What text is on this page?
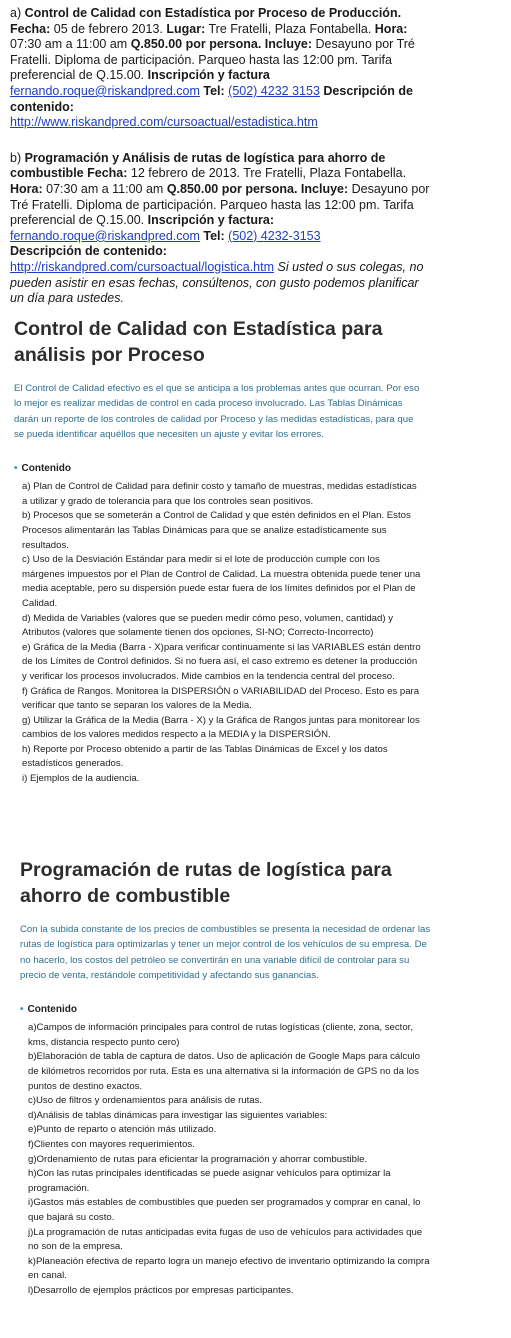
a) Control de Calidad con Estadística por Proceso de Producción. Fecha: 05 de febrero 2013. Lugar: Tre Fratelli, Plaza Fontabella. Hora: 07:30 am a 11:00 am Q.850.00 por persona. Incluye: Desayuno por Tré Fratelli. Diploma de participación. Parqueo hasta las 12:00 pm. Tarifa preferencial de Q.15.00. Inscripción y factura fernando.roque@riskandpred.com Tel: (502) 4232 3153 Descripción de contenido:
http://www.riskandpred.com/cursoactual/estadistica.htm

b) Programación y Análisis de rutas de logística para ahorro de combustible Fecha: 12 febrero de 2013. Tre Fratelli, Plaza Fontabella. Hora: 07:30 am a 11:00 am Q.850.00 por persona. Incluye: Desayuno por Tré Fratelli. Diploma de participación. Parqueo hasta las 12:00 pm. Tarifa preferencial de Q.15.00. Inscripción y factura: fernando.roque@riskandpred.com Tel: (502) 4232-3153
Descripción de contenido:
http://riskandpred.com/cursoactual/logistica.htm Si usted o sus colegas, no pueden asistir en esas fechas, consúltenos, con gusto podemos planificar un día para ustedes.

Control de Calidad con Estadística para análisis por Proceso

El Control de Calidad efectivo es el que se anticipa a los problemas antes que ocurran. Por eso lo mejor es realizar medidas de control en cada proceso involucrado. Las Tablas Dinámicas darán un reporte de los controles de calidad por Proceso y las medidas estadísticas, para que se pueda identificar aquéllos que necesiten un ajuste y evitar los errores.

• Contenido
a) Plan de Control de Calidad para definir costo y tamaño de muestras, medidas estadísticas a utilizar y grado de tolerancia para que los controles sean positivos.
b) Procesos que se someterán a Control de Calidad y que estén definidos en el Plan. Estos Procesos alimentarán las Tablas Dinámicas para que se analize estadísticamente sus resultados.
c) Uso de la Desviación Estándar para medir si el lote de producción cumple con los márgenes impuestos por el Plan de Control de Calidad. La muestra obtenida puede tener una media aceptable, pero su dispersión puede estar fuera de los límites definidos por el Plan de Calidad.
d) Medida de Variables (valores que se pueden medir cómo peso, volumen, cantidad) y Atributos (valores que solamente tienen dos opciones, SI-NO; Correcto-Incorrecto)
e) Gráfica de la Media (Barra - X)para verificar continuamente si las VARIABLES están dentro de los Límites de Control definidos. Si no fuera así, el caso extremo es detener la producción y verificar los procesos involucrados. Mide cambios en la tendencia central del proceso.
f) Gráfica de Rangos. Monitorea la DISPERSIÓN o VARIABILIDAD del Proceso. Esto es para verificar que tanto se separan los valores de la Media.
g) Utilizar la Gráfica de la Media (Barra - X) y la Gráfica de Rangos juntas para monitorear los cambios de los valores medidos respecto a la MEDIA y la DISPERSIÓN.
h) Reporte por Proceso obtenido a partir de las Tablas Dinámicas de Excel y los datos estadísticos generados.
i) Ejemplos de la audiencia.
Programación de rutas de logística para ahorro de combustible

Con la subida constante de los precios de combustibles se presenta la necesidad de ordenar las rutas de logística para optimizarlas y tener un mejor control de los vehículos de su empresa. De no hacerlo, los costos del petróleo se convertirán en una variable difícil de controlar para su precio de venta, restándole competitividad y afectando sus ganancias.

• Contenido
a)Campos de información principales para control de rutas logísticas (cliente, zona, sector, kms, distancia respecto punto cero)
b)Elaboración de tabla de captura de datos. Uso de aplicación de Google Maps para cálculo de kilómetros recorridos por ruta. Esta es una alternativa si la información de GPS no da los puntos de destino exactos.
c)Uso de filtros y ordenamientos para análisis de rutas.
d)Análisis de tablas dinámicas para investigar las siguientes variables:
e)Punto de reparto o atención más utilizado.
f)Clientes con mayores requerimientos.
g)Ordenamiento de rutas para eficientar la programación y ahorrar combustible.
h)Con las rutas principales identificadas se puede asignar vehículos para optimizar la programación.
i)Gastos más estables de combustibles que pueden ser programados y comprar en canal, lo que bajará su costo.
j)La programación de rutas anticipadas evita fugas de uso de vehículos para actividades que no son de la empresa.
k)Planeación efectiva de reparto logra un manejo efectivo de inventario optimizando la compra en canal.
l)Desarrollo de ejemplos prácticos por empresas participantes.
